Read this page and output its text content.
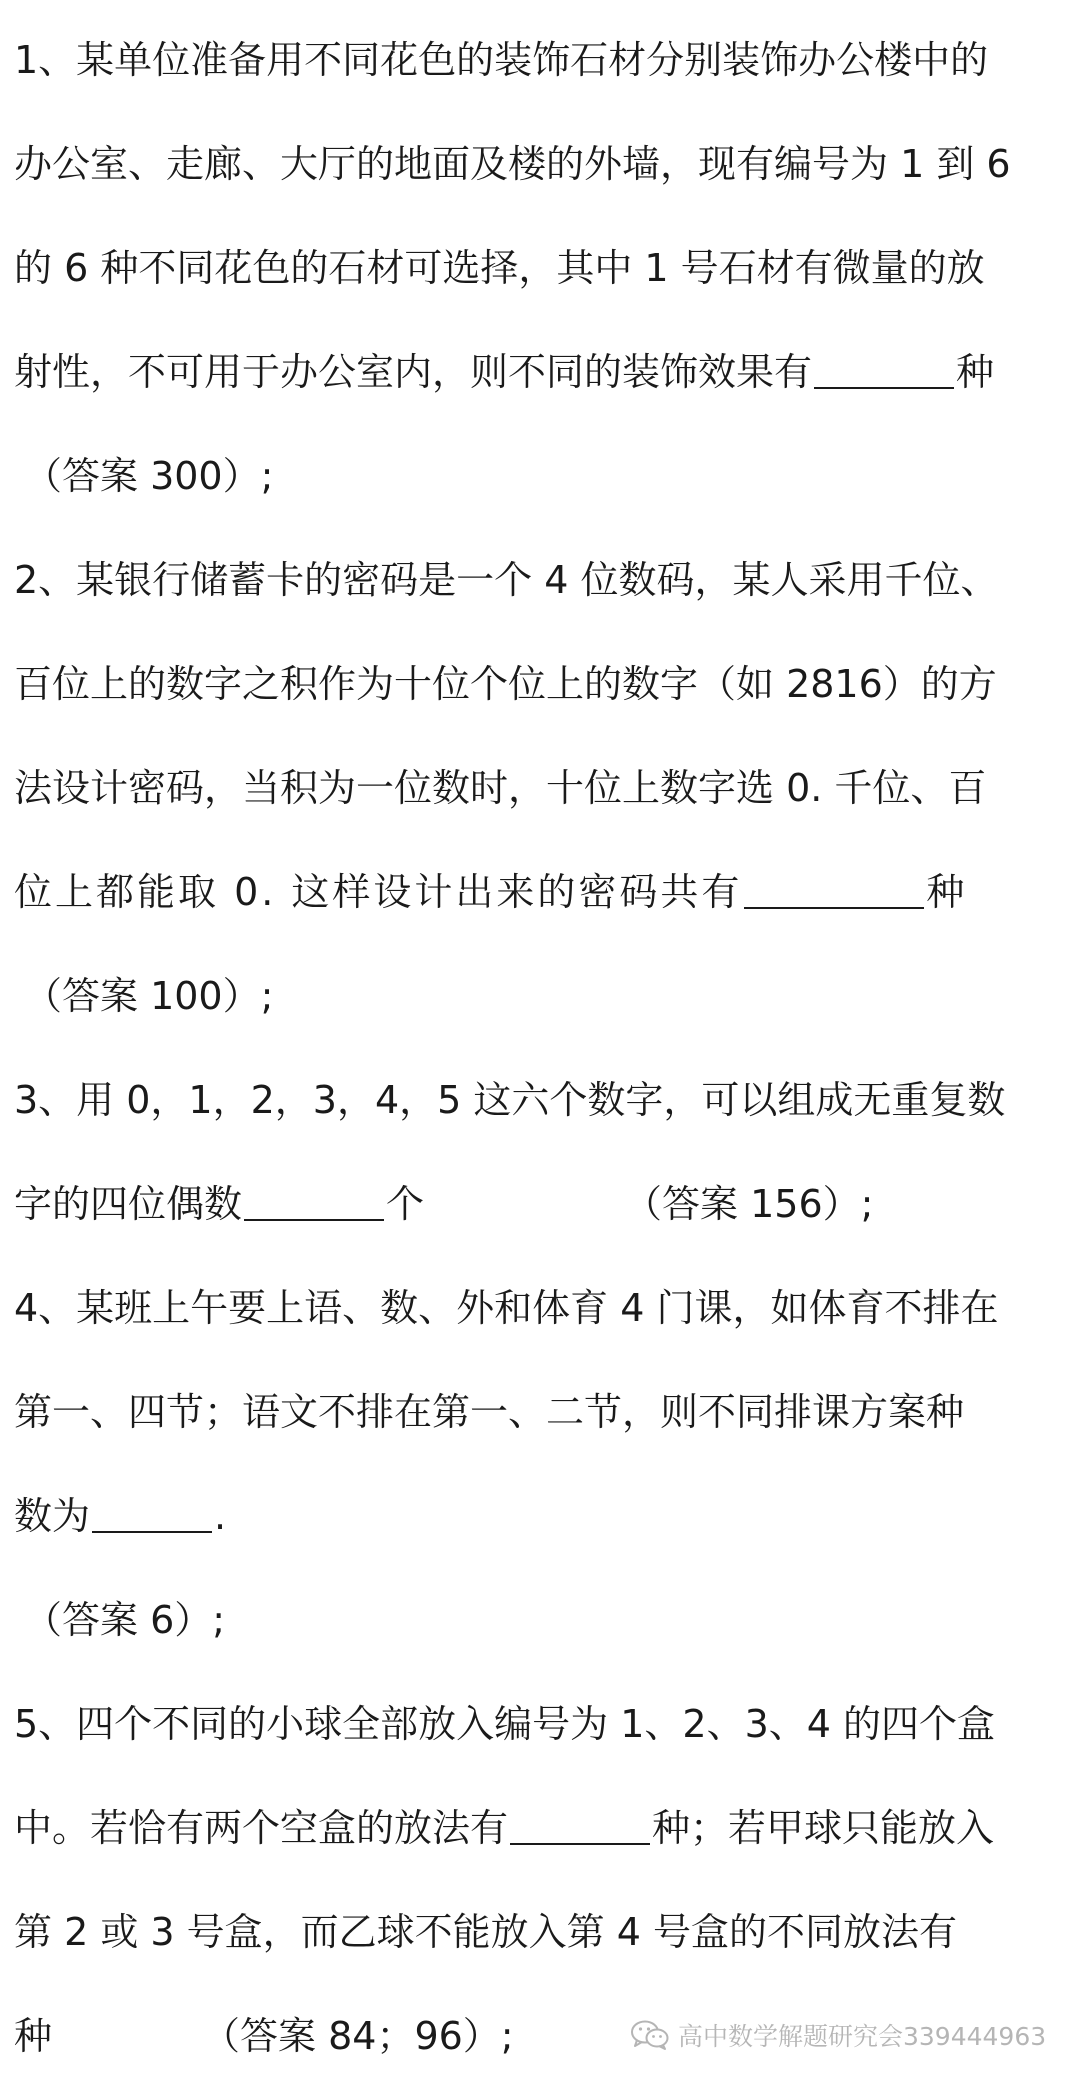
1、某单位准备用不同花色的装饰石材分别装饰办公楼中的
办公室、走廊、大厅的地面及楼的外墙，现有编号为 1 到 6
的 6 种不同花色的石材可选择，其中 1 号石材有微量的放
射性，不可用于办公室内，则不同的装饰效果有	种
（答案 300）;
2、某银行储蓄卡的密码是一个 4 位数码，某人采用千位、
百位上的数字之积作为十位个位上的数字（如 2816）的方
法设计密码，当积为一位数时，十位上数字选 0. 千位、百
位上都能取 0. 这样设计出来的密码共有	种
（答案 100）;
3、用 0，1，2，3，4，5 这六个数字，可以组成无重复数
字的四位偶数	个	（答案 156）;
4、某班上午要上语、数、外和体育 4 门课，如体育不排在
第一、四节；语文不排在第一、二节，则不同排课方案种
数为	.
（答案 6）;
5、四个不同的小球全部放入编号为 1、2、3、4 的四个盒
中。若恰有两个空盒的放法有	种；若甲球只能放入
第 2 或 3 号盒，而乙球不能放入第 4 号盒的不同放法有
种	（答案 84；96）;	高中数学解题研究会339444963
